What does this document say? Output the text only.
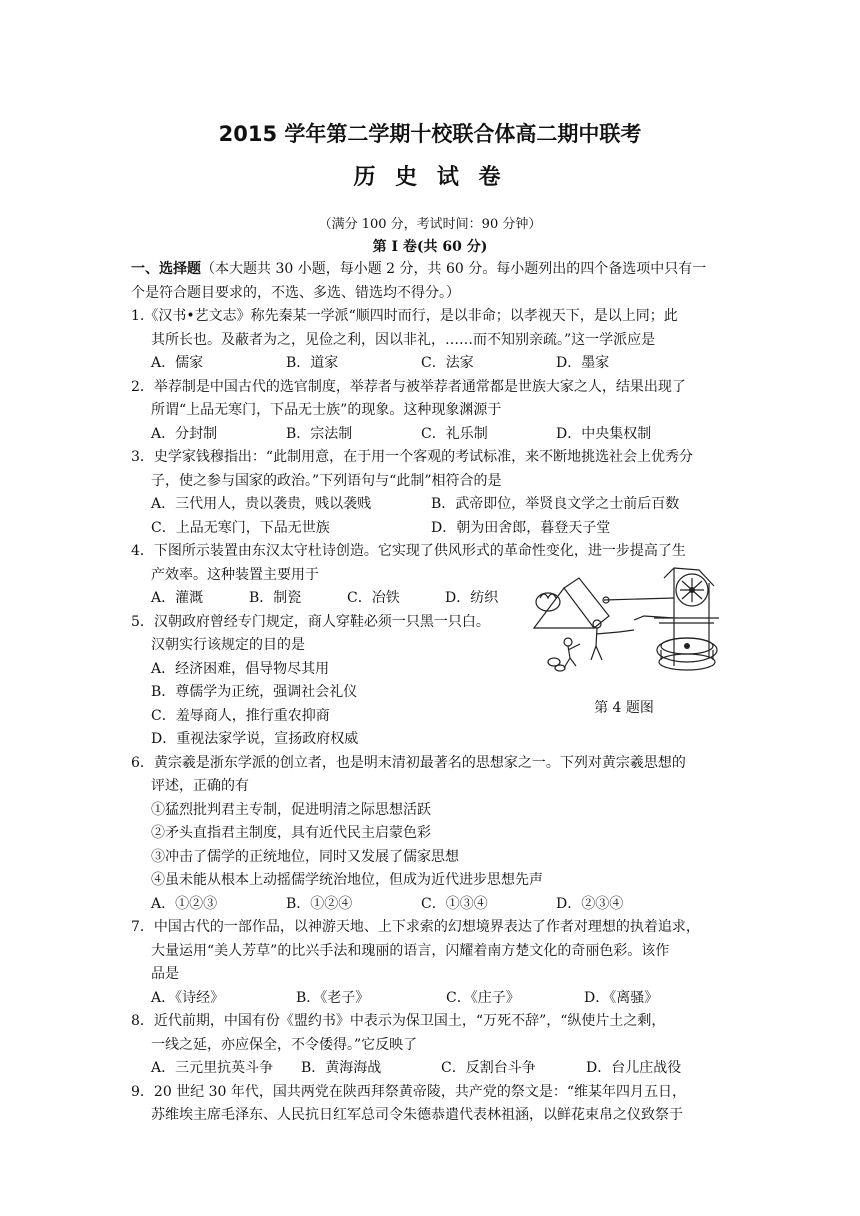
2015 学年第二学期十校联合体高二期中联考
历 史 试 卷
（满分 100 分，考试时间：90 分钟）
第 I 卷(共 60 分)
一、选择题（本大题共 30 小题，每小题 2 分，共 60 分。每小题列出的四个备选项中只有一
个是符合题目要求的，不选、多选、错选均不得分。）
1.《汉书•艺文志》称先秦某一学派“顺四时而行，是以非命；以孝视天下，是以上同；此
其所长也。及蔽者为之，见俭之利，因以非礼，……而不知别亲疏。”这一学派应是
A．儒家	B．道家	C．法家	D．墨家
2．举荐制是中国古代的选官制度，举荐者与被举荐者通常都是世族大家之人，结果出现了
所谓“上品无寒门，下品无士族”的现象。这种现象渊源于
A．分封制	B．宗法制	C．礼乐制	D．中央集权制
3．史学家钱穆指出：“此制用意，在于用一个客观的考试标准，来不断地挑选社会上优秀分
子，使之参与国家的政治。”下列语句与“此制”相符合的是
A．三代用人，贵以袭贵，贱以袭贱	B．武帝即位，举贤良文学之士前后百数
C．上品无寒门，下品无世族	D．朝为田舍郎，暮登天子堂
4．下图所示装置由东汉太守杜诗创造。它实现了供风形式的革命性变化，进一步提高了生
产效率。这种装置主要用于
A．灌溉	B．制瓷	C．冶铁	D．纺织
5．汉朝政府曾经专门规定，商人穿鞋必须一只黑一只白。
汉朝实行该规定的目的是
A．经济困难，倡导物尽其用
B．尊儒学为正统，强调社会礼仪
C．羞辱商人，推行重农抑商
D．重视法家学说，宣扬政府权威
6．黄宗羲是浙东学派的创立者，也是明末清初最著名的思想家之一。下列对黄宗羲思想的
评述，正确的有
①猛烈批判君主专制，促进明清之际思想活跃
②矛头直指君主制度，具有近代民主启蒙色彩
③冲击了儒学的正统地位，同时又发展了儒家思想
④虽未能从根本上动摇儒学统治地位，但成为近代进步思想先声
A．①②③	B．①②④	C．①③④	D．②③④
7．中国古代的一部作品，以神游天地、上下求索的幻想境界表达了作者对理想的执着追求，
大量运用“美人芳草”的比兴手法和瑰丽的语言，闪耀着南方楚文化的奇丽色彩。该作
品是
A．《诗经》	B．《老子》	C．《庄子》	D．《离骚》
8．近代前期，中国有份《盟约书》中表示为保卫国土，“万死不辞”，“纵使片土之剩，
一线之延，亦应保全，不令倭得。”它反映了
A．三元里抗英斗争	B．黄海海战	C．反割台斗争	D．台儿庄战役
9．20 世纪 30 年代，国共两党在陕西拜祭黄帝陵，共产党的祭文是：“维某年四月五日，
苏维埃主席毛泽东、人民抗日红军总司令朱德恭遣代表林祖涵，以鲜花束帛之仪致祭于
第 4 题图
